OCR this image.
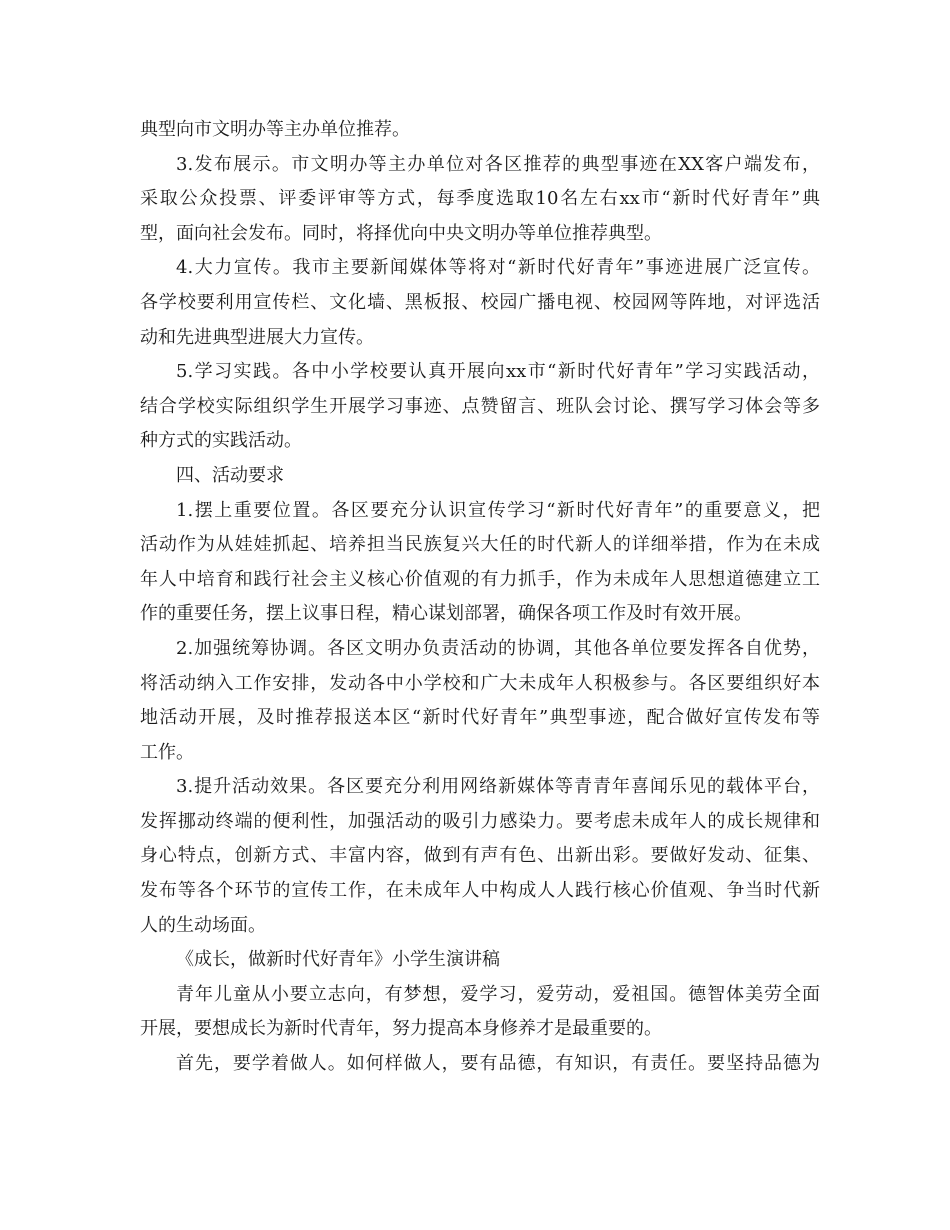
典型向市文明办等主办单位推荐。
3.发布展示。市文明办等主办单位对各区推荐的典型事迹在XX客户端发布，
采取公众投票、评委评审等方式，每季度选取10名左右xx市“新时代好青年”典
型，面向社会发布。同时，将择优向中央文明办等单位推荐典型。
4.大力宣传。我市主要新闻媒体等将对“新时代好青年”事迹进展广泛宣传。
各学校要利用宣传栏、文化墙、黑板报、校园广播电视、校园网等阵地，对评选活
动和先进典型进展大力宣传。
5.学习实践。各中小学校要认真开展向xx市“新时代好青年”学习实践活动，
结合学校实际组织学生开展学习事迹、点赞留言、班队会讨论、撰写学习体会等多
种方式的实践活动。
四、活动要求
1.摆上重要位置。各区要充分认识宣传学习“新时代好青年”的重要意义，把
活动作为从娃娃抓起、培养担当民族复兴大任的时代新人的详细举措，作为在未成
年人中培育和践行社会主义核心价值观的有力抓手，作为未成年人思想道德建立工
作的重要任务，摆上议事日程，精心谋划部署，确保各项工作及时有效开展。
2.加强统筹协调。各区文明办负责活动的协调，其他各单位要发挥各自优势，
将活动纳入工作安排，发动各中小学校和广大未成年人积极参与。各区要组织好本
地活动开展，及时推荐报送本区“新时代好青年”典型事迹，配合做好宣传发布等
工作。
3.提升活动效果。各区要充分利用网络新媒体等青青年喜闻乐见的载体平台，
发挥挪动终端的便利性，加强活动的吸引力感染力。要考虑未成年人的成长规律和
身心特点，创新方式、丰富内容，做到有声有色、出新出彩。要做好发动、征集、
发布等各个环节的宣传工作，在未成年人中构成人人践行核心价值观、争当时代新
人的生动场面。
《成长，做新时代好青年》小学生演讲稿
青年儿童从小要立志向，有梦想，爱学习，爱劳动，爱祖国。德智体美劳全面
开展，要想成长为新时代青年，努力提高本身修养才是最重要的。
首先，要学着做人。如何样做人，要有品德，有知识，有责任。要坚持品德为
